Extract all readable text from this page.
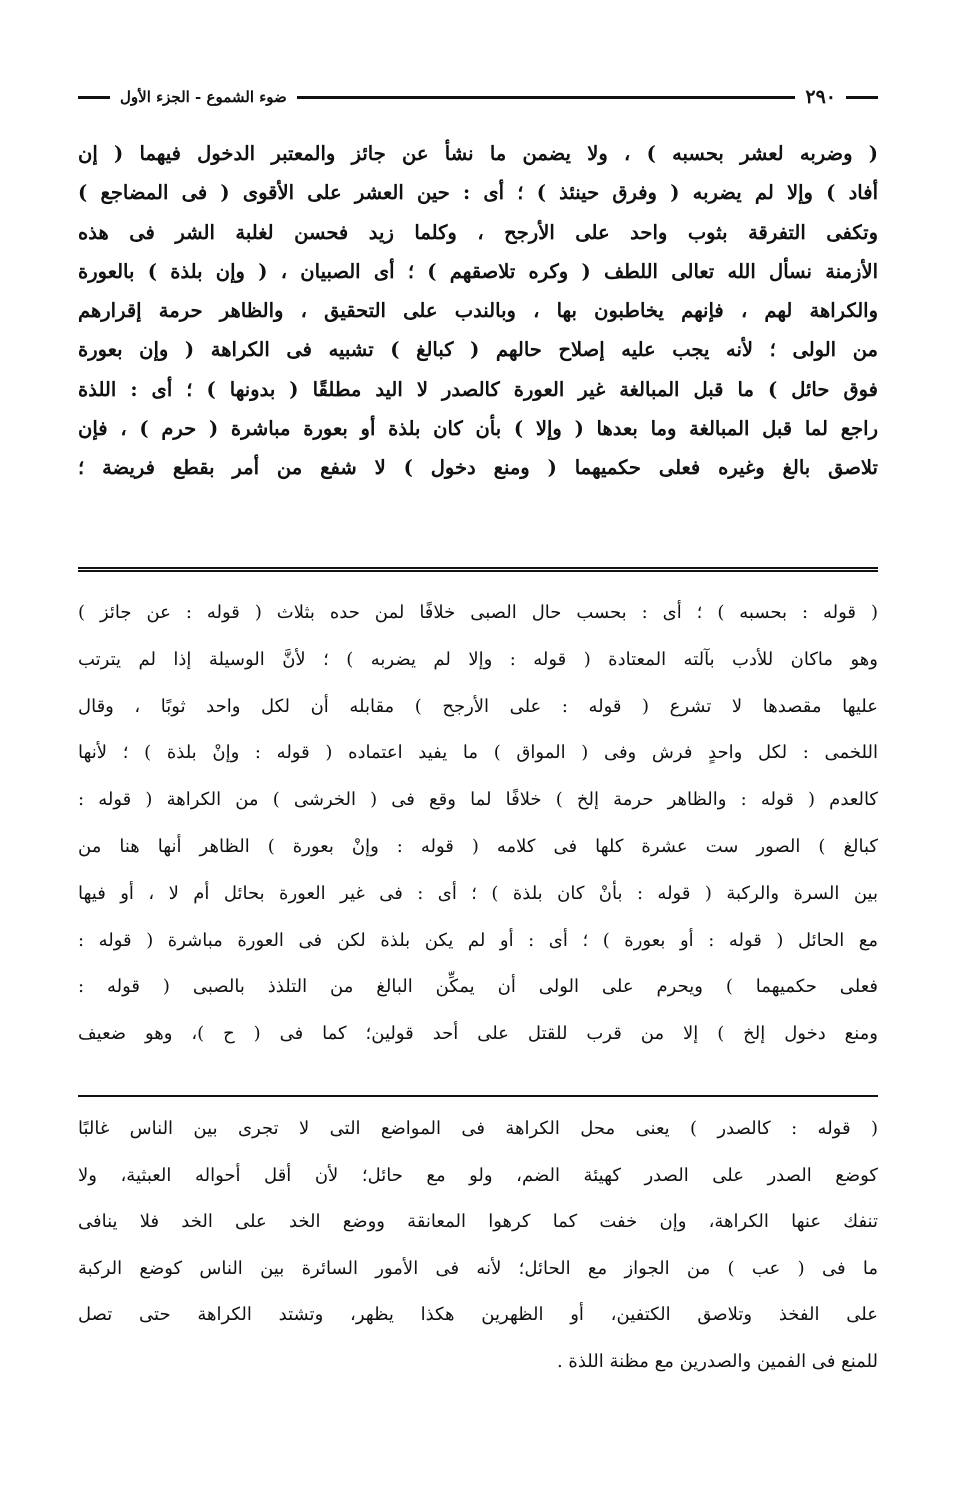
٢٩٠
ضوء الشموع - الجزء الأول
( وضربه لعشر بحسبه ) ، ولا يضمن ما نشأ عن جائز والمعتبر الدخول فيهما ( إن
أفاد ) وإلا لم يضربه ( وفرق حينئذ ) ؛ أى : حين العشر على الأقوى ( فى المضاجع )
وتكفى التفرقة بثوب واحد على الأرجح ، وكلما زيد فحسن لغلبة الشر فى هذه
الأزمنة نسأل الله تعالى اللطف ( وكره تلاصقهم ) ؛ أى الصبيان ، ( وإن بلذة ) بالعورة
والكراهة لهم ، فإنهم يخاطبون بها ، وبالندب على التحقيق ، والظاهر حرمة إقرارهم
من الولى ؛ لأنه يجب عليه إصلاح حالهم ( كبالغ ) تشبيه فى الكراهة ( وإن بعورة
فوق حائل ) ما قبل المبالغة غير العورة كالصدر لا اليد مطلقًا ( بدونها ) ؛ أى : اللذة
راجع لما قبل المبالغة وما بعدها ( وإلا ) بأن كان بلذة أو بعورة مباشرة ( حرم ) ، فإن
تلاصق بالغ وغيره فعلى حكميهما ( ومنع دخول ) لا شفع من أمر بقطع فريضة ؛
( قوله : بحسبه ) ؛ أى : بحسب حال الصبى خلافًا لمن حده بثلاث ( قوله : عن جائز )
وهو ماكان للأدب بآلته المعتادة ( قوله : وإلا لم يضربه ) ؛ لأنَّ الوسيلة إذا لم يترتب
عليها مقصدها لا تشرع ( قوله : على الأرجح ) مقابله أن لكل واحد ثوبًا ، وقال
اللخمى : لكل واحدٍ فرش وفى ( المواق ) ما يفيد اعتماده ( قوله : وإنْ بلذة ) ؛ لأنها
كالعدم ( قوله : والظاهر حرمة إلخ ) خلافًا لما وقع فى ( الخرشى ) من الكراهة ( قوله :
كبالغ ) الصور ست عشرة كلها فى كلامه ( قوله : وإنْ بعورة ) الظاهر أنها هنا من
بين السرة والركبة ( قوله : بأنْ كان بلذة ) ؛ أى : فى غير العورة بحائل أم لا ، أو فيها
مع الحائل ( قوله : أو بعورة ) ؛ أى : أو لم يكن بلذة لكن فى العورة مباشرة ( قوله :
فعلى حكميهما ) ويحرم على الولى أن يمكِّن البالغ من التلذذ بالصبى ( قوله :
ومنع دخول إلخ ) إلا من قرب للقتل على أحد قولين؛ كما فى ( ح )، وهو ضعيف
( قوله : كالصدر ) يعنى محل الكراهة فى المواضع التى لا تجرى بين الناس غالبًا
كوضع الصدر على الصدر كهيئة الضم، ولو مع حائل؛ لأن أقل أحواله العبثية، ولا
تنفك عنها الكراهة، وإن خفت كما كرهوا المعانقة ووضع الخد على الخد فلا ينافى
ما فى ( عب ) من الجواز مع الحائل؛ لأنه فى الأمور السائرة بين الناس كوضع الركبة
على الفخذ وتلاصق الكتفين، أو الظهرين هكذا يظهر، وتشتد الكراهة حتى تصل
للمنع فى الفمين والصدرين مع مظنة اللذة .
